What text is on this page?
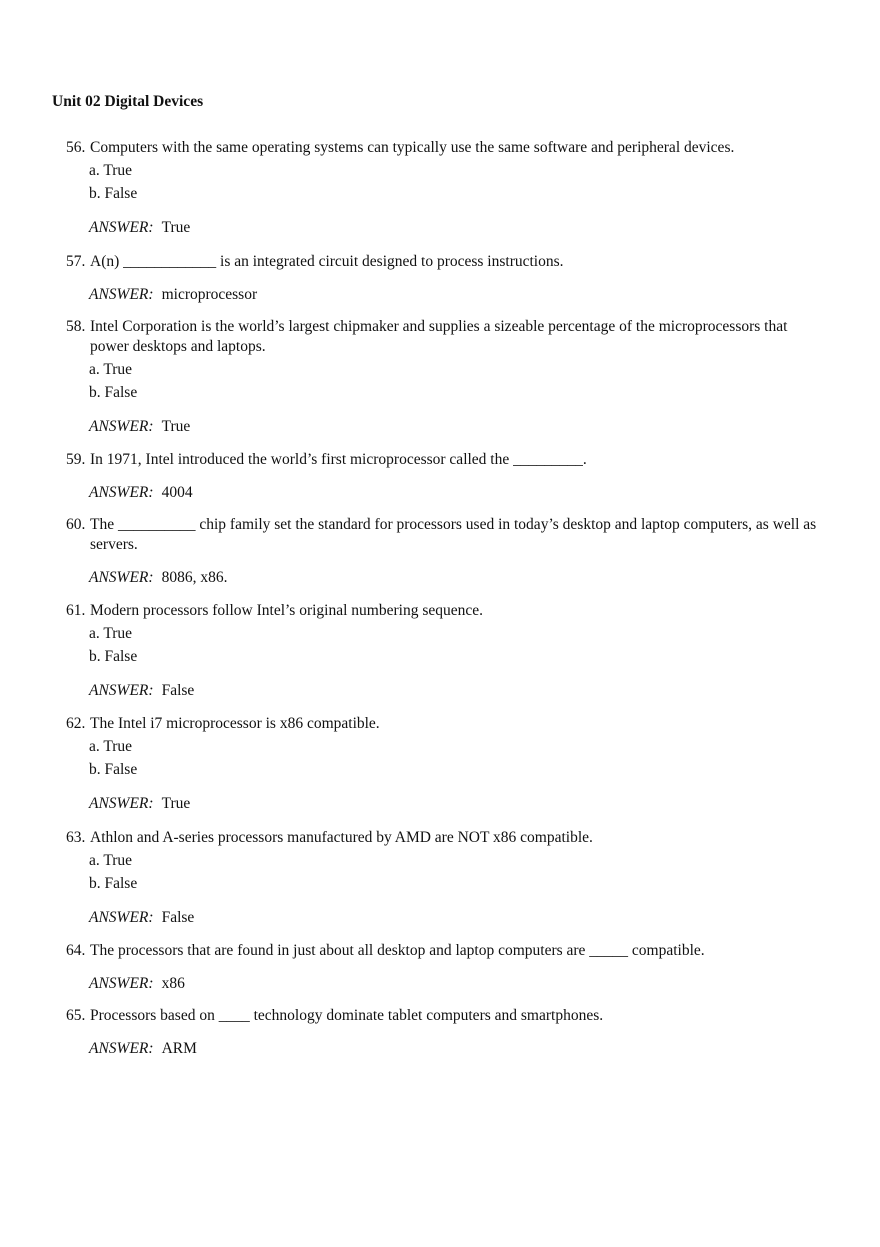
Unit 02 Digital Devices
56. Computers with the same operating systems can typically use the same software and peripheral devices.
a. True
b. False
ANSWER: True
57. A(n) ____________ is an integrated circuit designed to process instructions.
ANSWER: microprocessor
58. Intel Corporation is the world’s largest chipmaker and supplies a sizeable percentage of the microprocessors that power desktops and laptops.
a. True
b. False
ANSWER: True
59. In 1971, Intel introduced the world’s first microprocessor called the _________.
ANSWER: 4004
60. The __________ chip family set the standard for processors used in today’s desktop and laptop computers, as well as servers.
ANSWER: 8086, x86.
61. Modern processors follow Intel’s original numbering sequence.
a. True
b. False
ANSWER: False
62. The Intel i7 microprocessor is x86 compatible.
a. True
b. False
ANSWER: True
63. Athlon and A-series processors manufactured by AMD are NOT x86 compatible.
a. True
b. False
ANSWER: False
64. The processors that are found in just about all desktop and laptop computers are _____ compatible.
ANSWER: x86
65. Processors based on ____ technology dominate tablet computers and smartphones.
ANSWER: ARM
